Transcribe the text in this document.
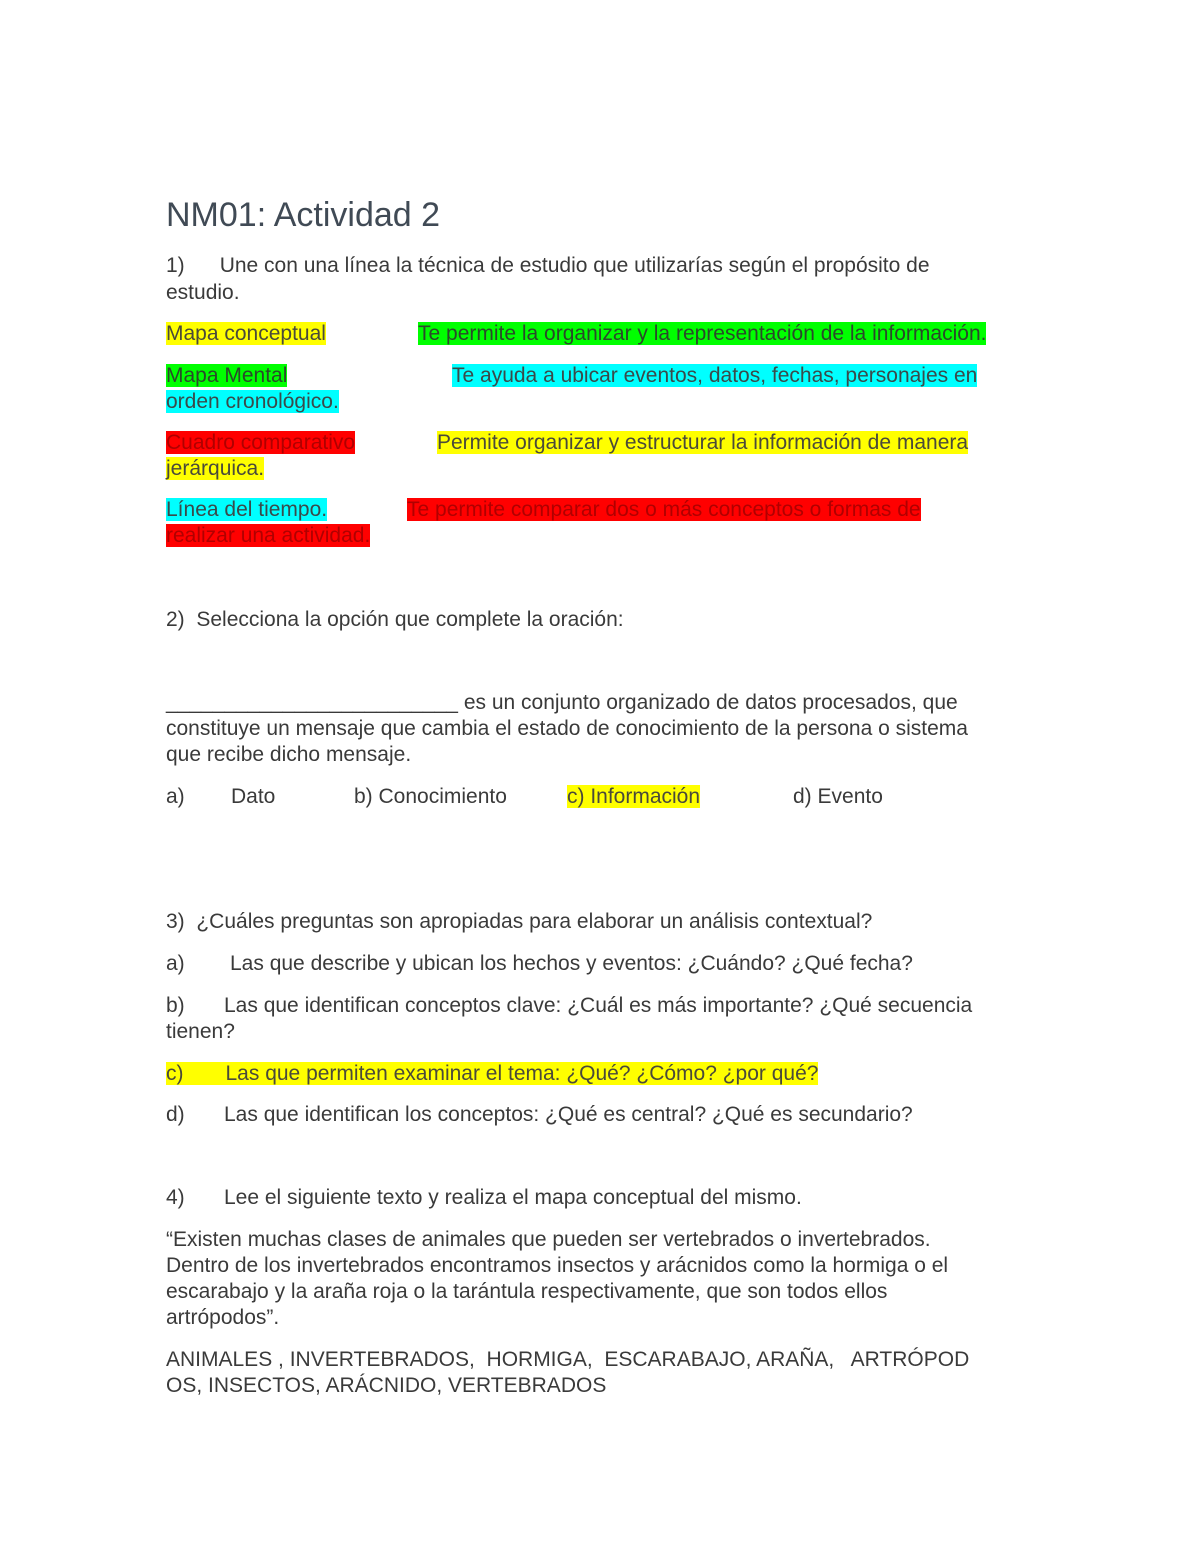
NM01: Actividad 2
1) Une con una línea la técnica de estudio que utilizarías según el propósito de
estudio.
Mapa conceptual	Te permite la organizar y la representación de la información.
Mapa Mental	Te ayuda a ubicar eventos, datos, fechas, personajes en
orden cronológico.
Cuadro comparativo	Permite organizar y estructurar la información de manera
jerárquica.
Línea del tiempo.	Te permite comparar dos o más conceptos o formas de
realizar una actividad.
2) Selecciona la opción que complete la oración:
_________________________ es un conjunto organizado de datos procesados, que
constituye un mensaje que cambia el estado de conocimiento de la persona o sistema
que recibe dicho mensaje.
a) Dato	b) Conocimiento	c) Información	d) Evento
3) ¿Cuáles preguntas son apropiadas para elaborar un análisis contextual?
a) Las que describe y ubican los hechos y eventos: ¿Cuándo? ¿Qué fecha?
b) Las que identifican conceptos clave: ¿Cuál es más importante? ¿Qué secuencia
tienen?
c) Las que permiten examinar el tema: ¿Qué? ¿Cómo? ¿por qué?
d) Las que identifican los conceptos: ¿Qué es central? ¿Qué es secundario?
4) Lee el siguiente texto y realiza el mapa conceptual del mismo.
“Existen muchas clases de animales que pueden ser vertebrados o invertebrados.
Dentro de los invertebrados encontramos insectos y arácnidos como la hormiga o el
escarabajo y la araña roja o la tarántula respectivamente, que son todos ellos
artrópodos”.
ANIMALES , INVERTEBRADOS,  HORMIGA,  ESCARABAJO, ARAÑA,   ARTRÓPOD
OS, INSECTOS, ARÁCNIDO, VERTEBRADOS
